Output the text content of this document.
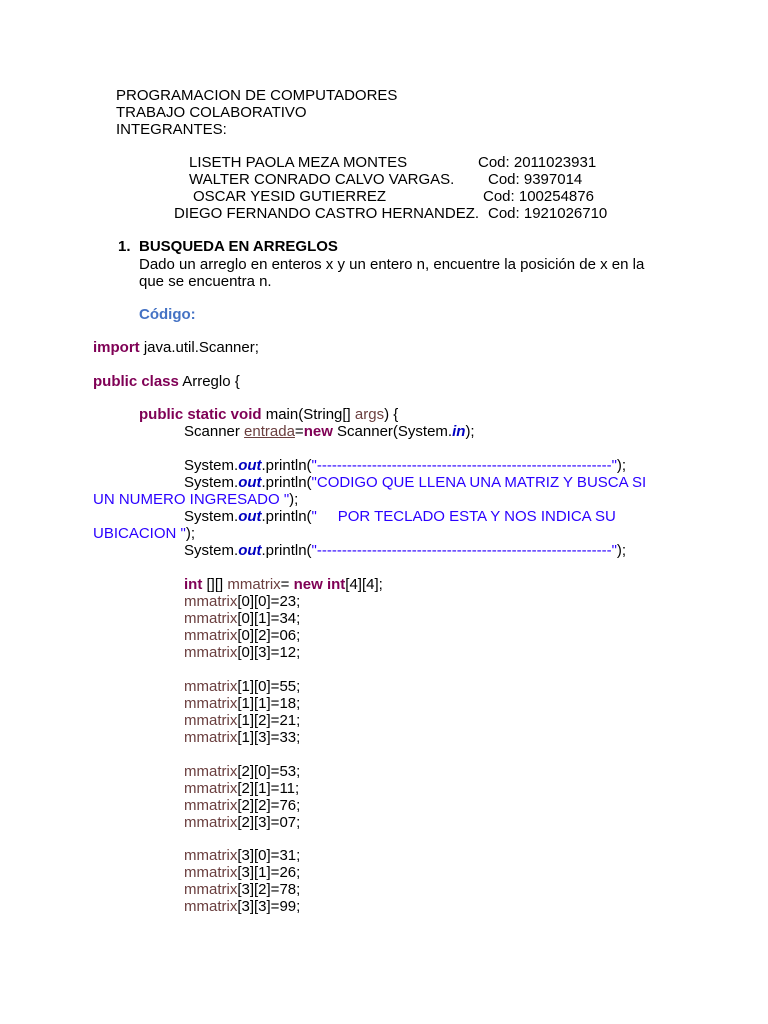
PROGRAMACION DE COMPUTADORES
TRABAJO COLABORATIVO
INTEGRANTES:
LISETH PAOLA MEZA MONTES	Cod: 2011023931
WALTER CONRADO CALVO VARGAS. Cod: 9397014
OSCAR YESID GUTIERREZ	Cod: 100254876
DIEGO FERNANDO CASTRO HERNANDEZ. Cod: 1921026710
1. BUSQUEDA EN ARREGLOS
Dado un arreglo en enteros x y un entero n, encuentre la posición de x en la
que se encuentra n.
Código:
import java.util.Scanner;
public class Arreglo {
public static void main(String[] args) {
Scanner entrada=new Scanner(System.in);
System.out.println("-----------------------------------------------------------");
System.out.println("CODIGO QUE LLENA UNA MATRIZ Y BUSCA SI
UN NUMERO INGRESADO ");
System.out.println("     POR TECLADO ESTA Y NOS INDICA SU
UBICACION ");
System.out.println("-----------------------------------------------------------");
int [][] mmatrix= new int[4][4];
mmatrix[0][0]=23;
mmatrix[0][1]=34;
mmatrix[0][2]=06;
mmatrix[0][3]=12;
mmatrix[1][0]=55;
mmatrix[1][1]=18;
mmatrix[1][2]=21;
mmatrix[1][3]=33;
mmatrix[2][0]=53;
mmatrix[2][1]=11;
mmatrix[2][2]=76;
mmatrix[2][3]=07;
mmatrix[3][0]=31;
mmatrix[3][1]=26;
mmatrix[3][2]=78;
mmatrix[3][3]=99;
